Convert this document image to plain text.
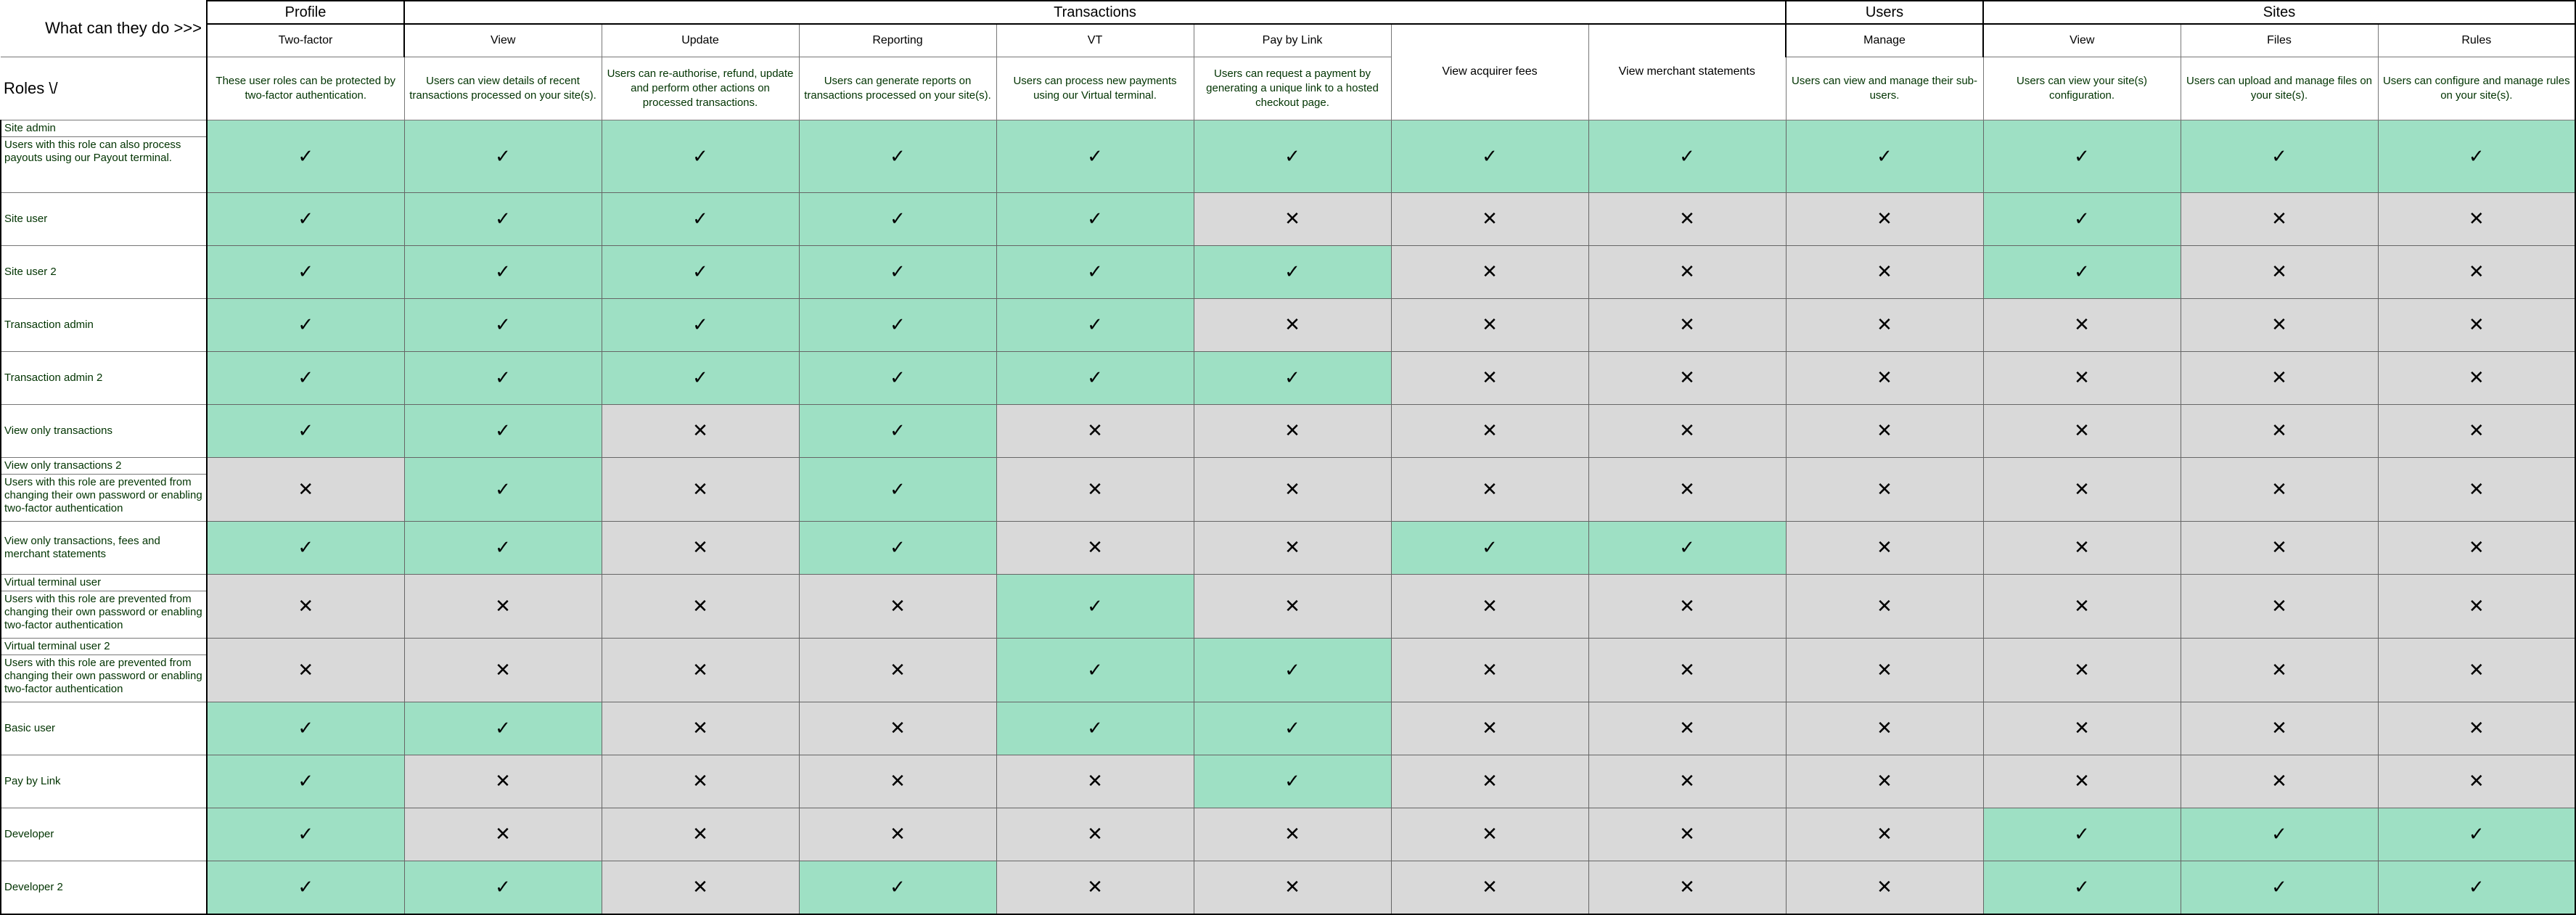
What can they do >>>	Profile	Transactions							Users	Sites		
	Two-factor	View	Update	Reporting	VT	Pay by Link	View acquirer fees	View merchant statements	Manage	View	Files	Rules
Roles \/	These user roles can be protected by two-factor authentication.	Users can view details of recent transactions processed on your site(s).	Users can re-authorise, refund, update and perform other actions on processed transactions.	Users can generate reports on transactions processed on your site(s).	Users can process new payments using our Virtual terminal.	Users can request a payment by generating a unique link to a hosted checkout page.			Users can view and manage their sub-users.	Users can view your site(s) configuration.	Users can upload and manage files on your site(s).	Users can configure and manage rules on your site(s).

Site admin
Users with this role can also process payouts using our Payout terminal.	✓	✓	✓	✓	✓	✓	✓	✓	✓	✓	✓	✓

Site user	✓	✓	✓	✓	✓	✕	✕	✕	✕	✓	✕	✕

Site user 2	✓	✓	✓	✓	✓	✓	✕	✕	✕	✓	✕	✕

Transaction admin	✓	✓	✓	✓	✓	✕	✕	✕	✕	✕	✕	✕

Transaction admin 2	✓	✓	✓	✓	✓	✓	✕	✕	✕	✕	✕	✕

View only transactions	✓	✓	✕	✓	✕	✕	✕	✕	✕	✕	✕	✕

View only transactions 2
Users with this role are prevented from changing their own password or enabling two-factor authentication	✕	✓	✕	✓	✕	✕	✕	✕	✕	✕	✕	✕

View only transactions, fees and merchant statements	✓	✓	✕	✓	✕	✕	✓	✓	✕	✕	✕	✕

Virtual terminal user
Users with this role are prevented from changing their own password or enabling two-factor authentication	✕	✕	✕	✕	✓	✕	✕	✕	✕	✕	✕	✕

Virtual terminal user 2
Users with this role are prevented from changing their own password or enabling two-factor authentication	✕	✕	✕	✕	✓	✓	✕	✕	✕	✕	✕	✕

Basic user	✓	✓	✕	✕	✓	✓	✕	✕	✕	✕	✕	✕

Pay by Link	✓	✕	✕	✕	✕	✓	✕	✕	✕	✕	✕	✕

Developer	✓	✕	✕	✕	✕	✕	✕	✕	✕	✓	✓	✓

Developer 2	✓	✓	✕	✓	✕	✕	✕	✕	✕	✓	✓	✓
